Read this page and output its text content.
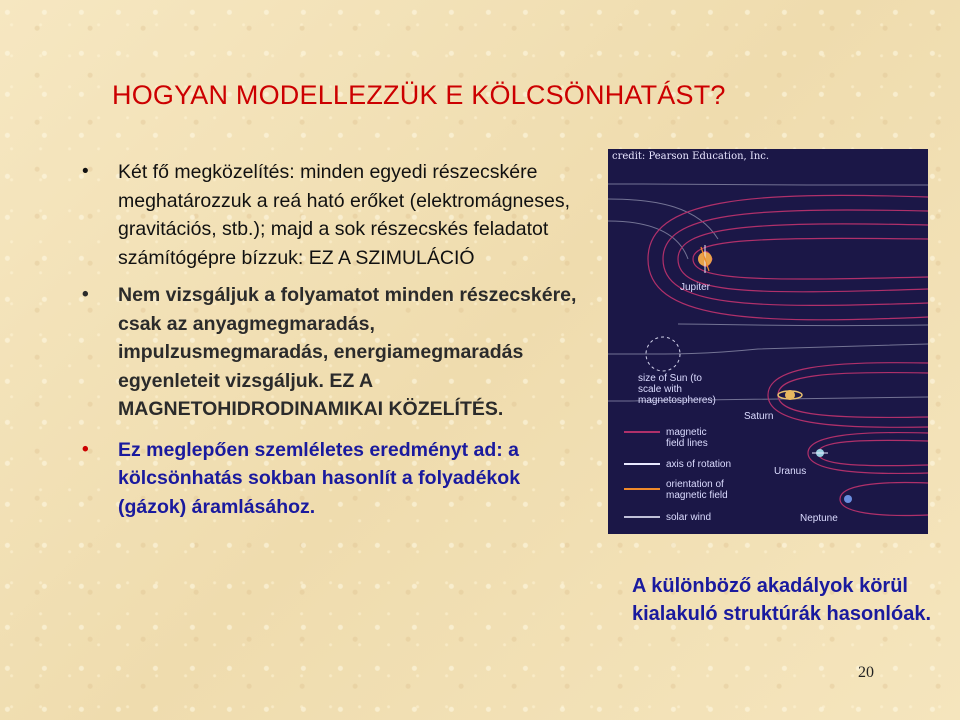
HOGYAN MODELLEZZÜK E KÖLCSÖNHATÁST?
• Két fő megközelítés: minden egyedi részecskére meghatározzuk a reá ható erőket (elektromágneses, gravitációs, stb.); majd a sok részecskés feladatot számítógépre bízzuk: EZ A SZIMULÁCIÓ
• Nem vizsgáljuk a folyamatot minden részecskére, csak az anyagmegmaradás, impulzusmegmaradás, energiamegmaradás egyenleteit vizsgáljuk. EZ A MAGNETOHIDRODINAMIKAI KÖZELÍTÉS.
• Ez meglepően szemléletes eredményt ad: a kölcsönhatás sokban hasonlít a folyadékok (gázok) áramlásához.
credit: Pearson Education, Inc.
Jupiter
size of Sun (to scale with magnetospheres)
Saturn
Uranus
Neptune
magnetic field lines
axis of rotation
orientation of magnetic field
solar wind

A különböző akadályok körül kialakuló struktúrák hasonlóak.

20
